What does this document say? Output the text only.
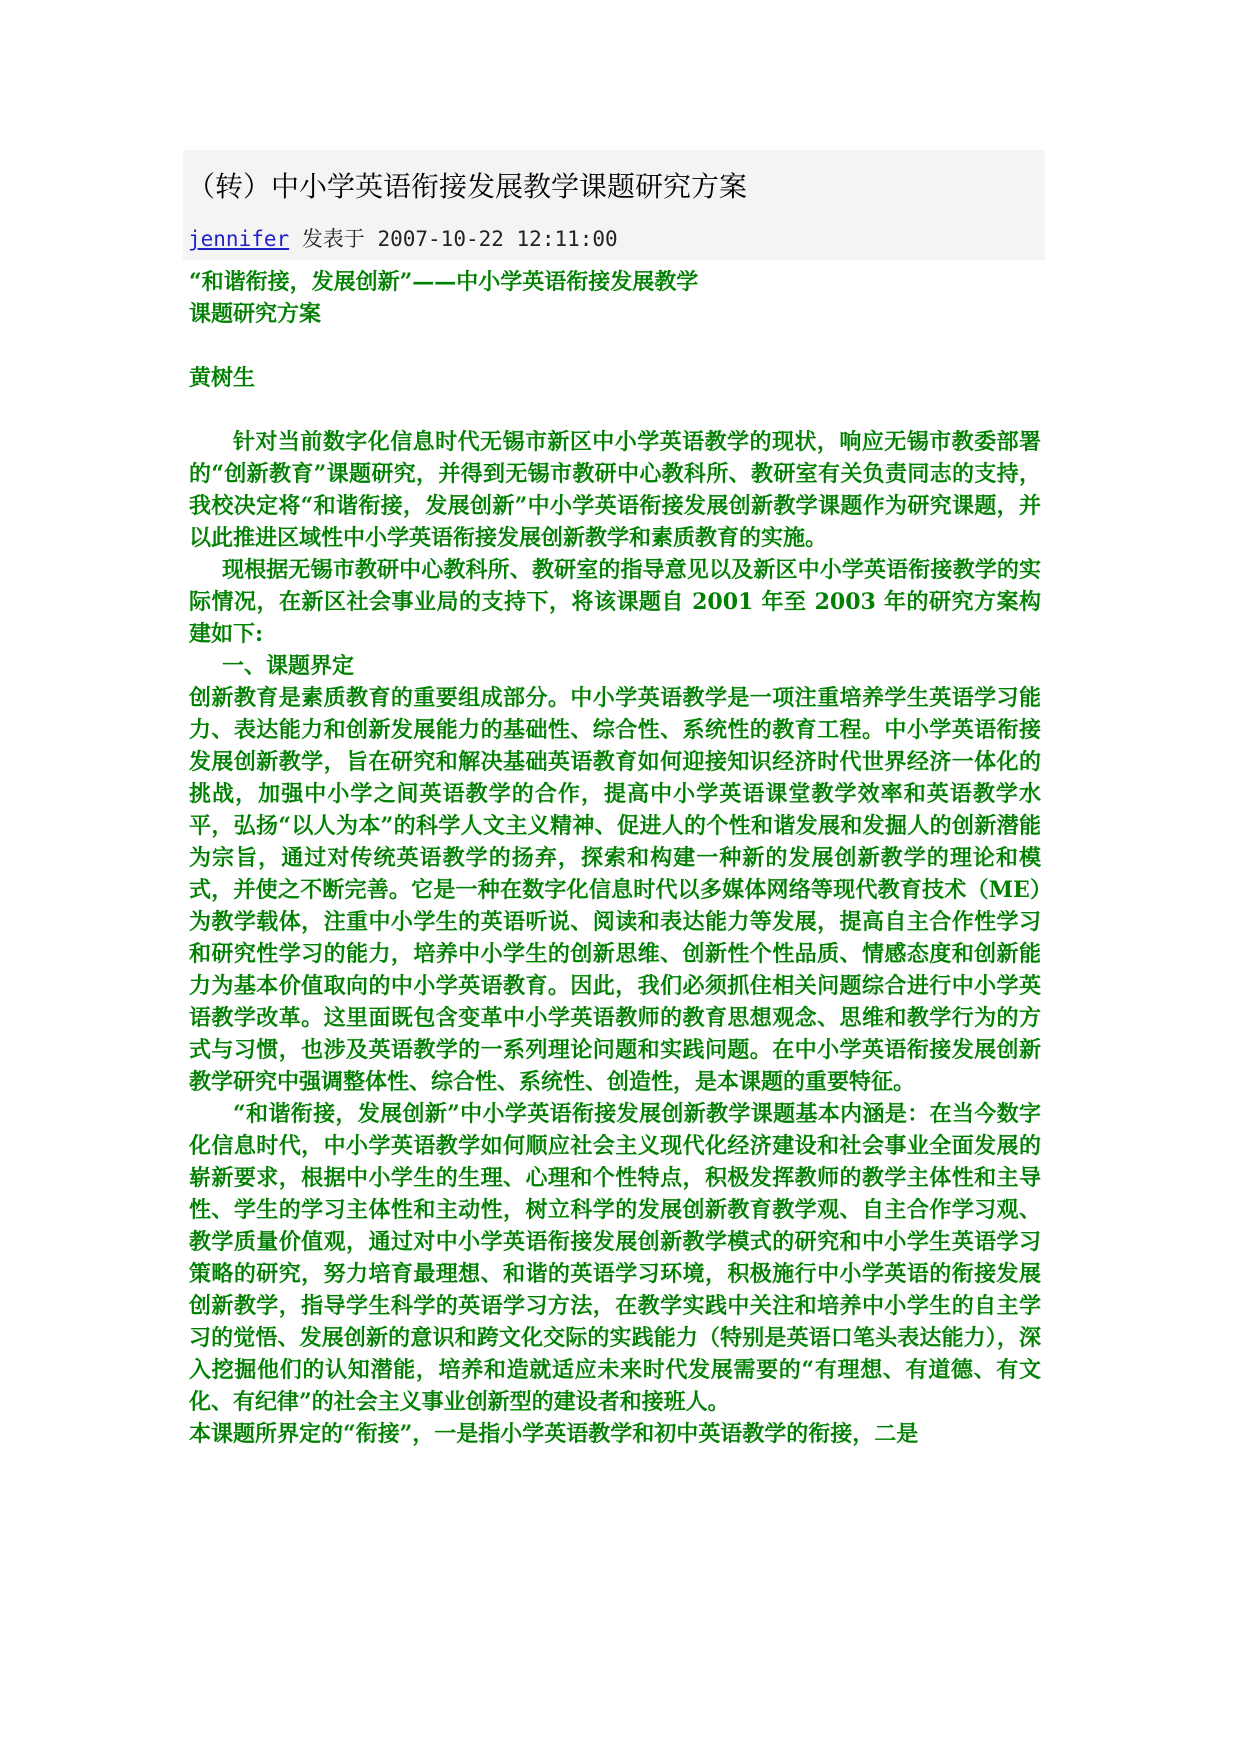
（转）中小学英语衔接发展教学课题研究方案
jennifer 发表于 2007-10-22 12:11:00

“和谐衔接，发展创新”——中小学英语衔接发展教学

课题研究方案

黄树生

针对当前数字化信息时代无锡市新区中小学英语教学的现状，响应无锡市教委部署的“创新教育”课题研究，并得到无锡市教研中心教科所、教研室有关负责同志的支持，我校决定将“和谐衔接，发展创新”中小学英语衔接发展创新教学课题作为研究课题，并以此推进区域性中小学英语衔接发展创新教学和素质教育的实施。

现根据无锡市教研中心教科所、教研室的指导意见以及新区中小学英语衔接教学的实际情况，在新区社会事业局的支持下，将该课题自 2001 年至 2003 年的研究方案构建如下:

一、课题界定

创新教育是素质教育的重要组成部分。中小学英语教学是一项注重培养学生英语学习能力、表达能力和创新发展能力的基础性、综合性、系统性的教育工程。中小学英语衔接发展创新教学，旨在研究和解决基础英语教育如何迎接知识经济时代世界经济一体化的挑战，加强中小学之间英语教学的合作，提高中小学英语课堂教学效率和英语教学水平，弘扬“以人为本”的科学人文主义精神、促进人的个性和谐发展和发掘人的创新潜能为宗旨，通过对传统英语教学的扬弃，探索和构建一种新的发展创新教学的理论和模式，并使之不断完善。它是一种在数字化信息时代以多媒体网络等现代教育技术（ME）为教学载体，注重中小学生的英语听说、阅读和表达能力等发展，提高自主合作性学习和研究性学习的能力，培养中小学生的创新思维、创新性个性品质、情感态度和创新能力为基本价值取向的中小学英语教育。因此，我们必须抓住相关问题综合进行中小学英语教学改革。这里面既包含变革中小学英语教师的教育思想观念、思维和教学行为的方式与习惯，也涉及英语教学的一系列理论问题和实践问题。在中小学英语衔接发展创新教学研究中强调整体性、综合性、系统性、创造性，是本课题的重要特征。

“和谐衔接，发展创新”中小学英语衔接发展创新教学课题基本内涵是：在当今数字化信息时代，中小学英语教学如何顺应社会主义现代化经济建设和社会事业全面发展的崭新要求，根据中小学生的生理、心理和个性特点，积极发挥教师的教学主体性和主导性、学生的学习主体性和主动性，树立科学的发展创新教育教学观、自主合作学习观、教学质量价值观，通过对中小学英语衔接发展创新教学模式的研究和中小学生英语学习策略的研究，努力培育最理想、和谐的英语学习环境，积极施行中小学英语的衔接发展创新教学，指导学生科学的英语学习方法，在教学实践中关注和培养中小学生的自主学习的觉悟、发展创新的意识和跨文化交际的实践能力（特别是英语口笔头表达能力），深入挖掘他们的认知潜能，培养和造就适应未来时代发展需要的“有理想、有道德、有文化、有纪律”的社会主义事业创新型的建设者和接班人。

本课题所界定的“衔接”，一是指小学英语教学和初中英语教学的衔接，二是
